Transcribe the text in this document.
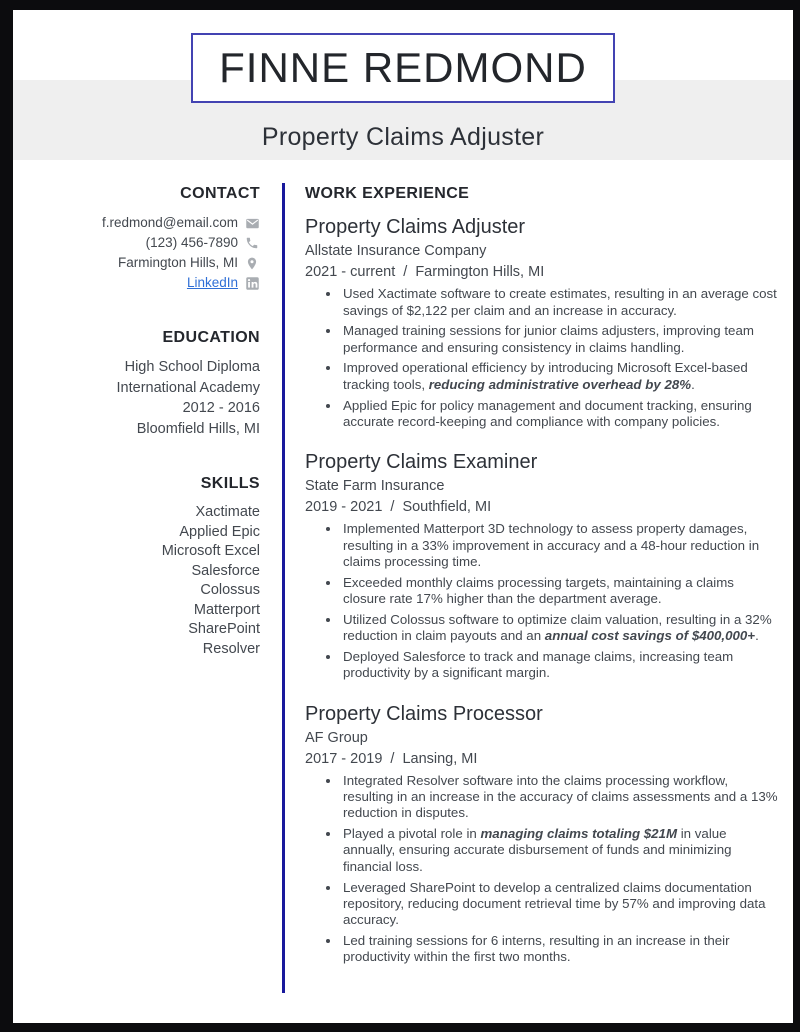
Property Claims Adjuster
FINNE REDMOND
CONTACT
f.redmond@email.com
(123) 456-7890
Farmington Hills, MI
LinkedIn
EDUCATION
High School Diploma
International Academy
2012 - 2016
Bloomfield Hills, MI
SKILLS
Xactimate
Applied Epic
Microsoft Excel
Salesforce
Colossus
Matterport
SharePoint
Resolver
WORK EXPERIENCE
Property Claims Adjuster
Allstate Insurance Company
2021 - current / Farmington Hills, MI
• Used Xactimate software to create estimates, resulting in an average cost savings of $2,122 per claim and an increase in accuracy.
• Managed training sessions for junior claims adjusters, improving team performance and ensuring consistency in claims handling.
• Improved operational efficiency by introducing Microsoft Excel-based tracking tools, reducing administrative overhead by 28%.
• Applied Epic for policy management and document tracking, ensuring accurate record-keeping and compliance with company policies.
Property Claims Examiner
State Farm Insurance
2019 - 2021 / Southfield, MI
• Implemented Matterport 3D technology to assess property damages, resulting in a 33% improvement in accuracy and a 48-hour reduction in claims processing time.
• Exceeded monthly claims processing targets, maintaining a claims closure rate 17% higher than the department average.
• Utilized Colossus software to optimize claim valuation, resulting in a 32% reduction in claim payouts and an annual cost savings of $400,000+.
• Deployed Salesforce to track and manage claims, increasing team productivity by a significant margin.
Property Claims Processor
AF Group
2017 - 2019 / Lansing, MI
• Integrated Resolver software into the claims processing workflow, resulting in an increase in the accuracy of claims assessments and a 13% reduction in disputes.
• Played a pivotal role in managing claims totaling $21M in value annually, ensuring accurate disbursement of funds and minimizing financial loss.
• Leveraged SharePoint to develop a centralized claims documentation repository, reducing document retrieval time by 57% and improving data accuracy.
• Led training sessions for 6 interns, resulting in an increase in their productivity within the first two months.
